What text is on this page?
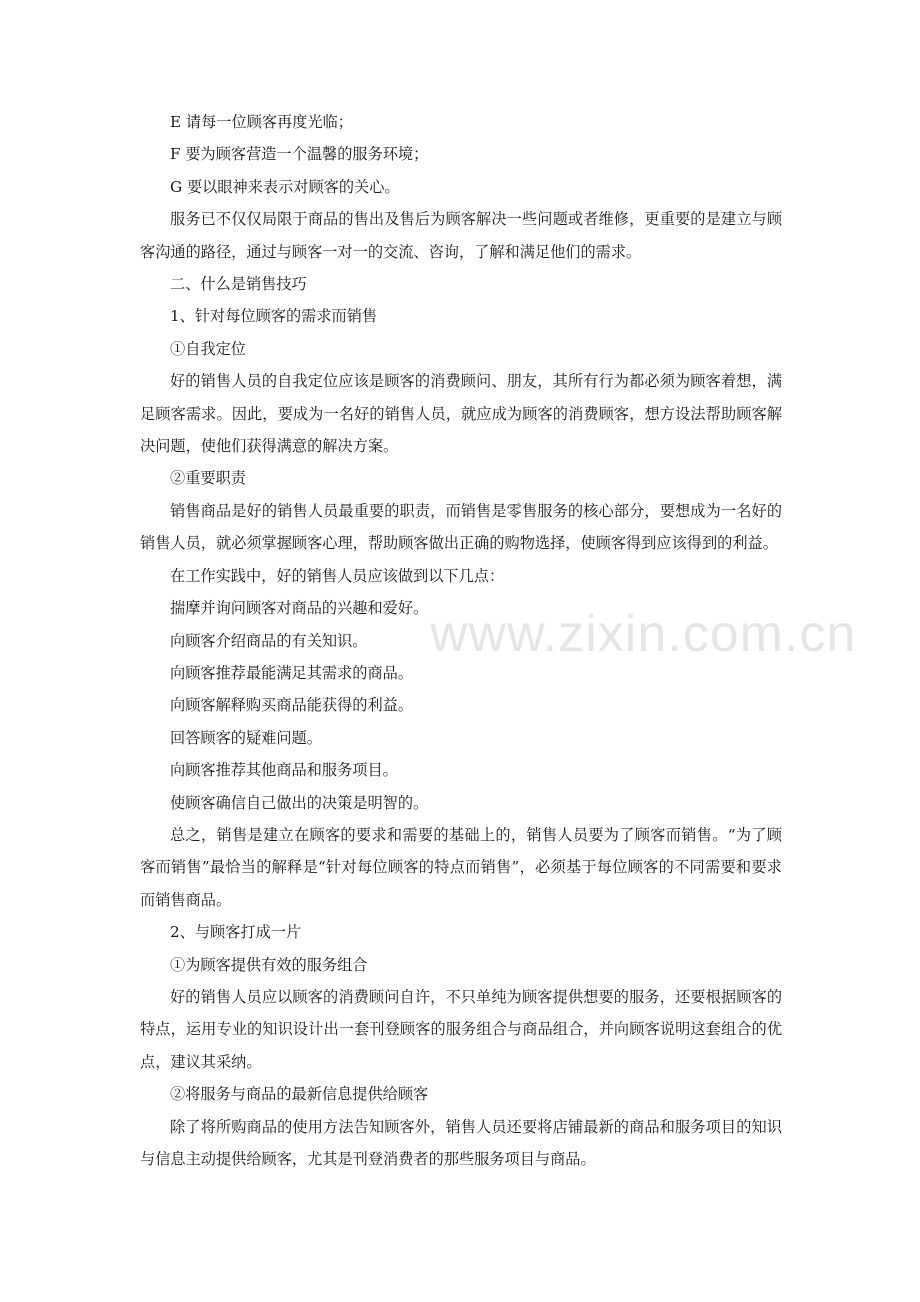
E 请每一位顾客再度光临；

F 要为顾客营造一个温馨的服务环境；

G 要以眼神来表示对顾客的关心。

服务已不仅仅局限于商品的售出及售后为顾客解决一些问题或者维修，更重要的是建立与顾客沟通的路径，通过与顾客一对一的交流、咨询，了解和满足他们的需求。

二、什么是销售技巧

1、针对每位顾客的需求而销售

①自我定位

好的销售人员的自我定位应该是顾客的消费顾问、朋友，其所有行为都必须为顾客着想，满足顾客需求。因此，要成为一名好的销售人员，就应成为顾客的消费顾客，想方设法帮助顾客解决问题，使他们获得满意的解决方案。

②重要职责

销售商品是好的销售人员最重要的职责，而销售是零售服务的核心部分，要想成为一名好的销售人员，就必须掌握顾客心理，帮助顾客做出正确的购物选择，使顾客得到应该得到的利益。

在工作实践中，好的销售人员应该做到以下几点：

揣摩并询问顾客对商品的兴趣和爱好。

向顾客介绍商品的有关知识。

向顾客推荐最能满足其需求的商品。

向顾客解释购买商品能获得的利益。

回答顾客的疑难问题。

向顾客推荐其他商品和服务项目。

使顾客确信自己做出的决策是明智的。

总之，销售是建立在顾客的要求和需要的基础上的，销售人员要为了顾客而销售。“为了顾客而销售”最恰当的解释是“针对每位顾客的特点而销售”，必须基于每位顾客的不同需要和要求而销售商品。

2、与顾客打成一片

①为顾客提供有效的服务组合

好的销售人员应以顾客的消费顾问自许，不只单纯为顾客提供想要的服务，还要根据顾客的特点，运用专业的知识设计出一套刊登顾客的服务组合与商品组合，并向顾客说明这套组合的优点，建议其采纳。

②将服务与商品的最新信息提供给顾客

除了将所购商品的使用方法告知顾客外，销售人员还要将店铺最新的商品和服务项目的知识与信息主动提供给顾客，尤其是刊登消费者的那些服务项目与商品。

www.zixin.com.cn
